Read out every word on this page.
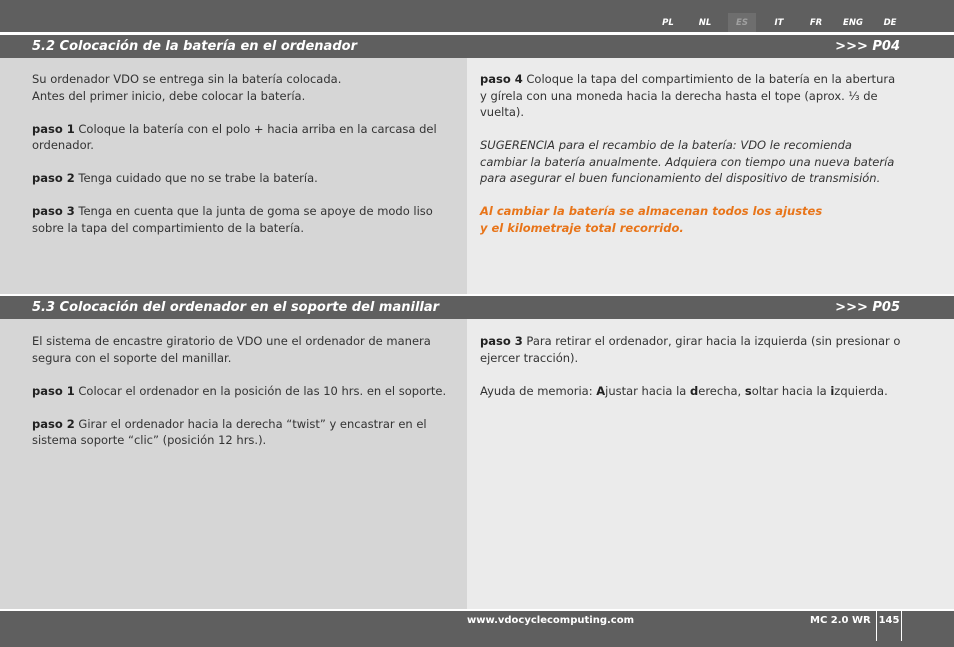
PL	NL	ES	IT	FR	ENG	DE
5.2 Colocación de la batería en el ordenador	>>> P04

Su ordenador VDO se entrega sin la batería colocada.
Antes del primer inicio, debe colocar la batería.

paso 1 Coloque la batería con el polo + hacia arriba en la carcasa del ordenador.

paso 2 Tenga cuidado que no se trabe la batería.

paso 3 Tenga en cuenta que la junta de goma se apoye de modo liso sobre la tapa del compartimiento de la batería.

paso 4 Coloque la tapa del compartimiento de la batería en la abertura y gírela con una moneda hacia la derecha hasta el tope (aprox. ⅓ de vuelta).

SUGERENCIA para el recambio de la batería: VDO le recomienda cambiar la batería anualmente. Adquiera con tiempo una nueva batería para asegurar el buen funcionamiento del dispositivo de transmisión.

Al cambiar la batería se almacenan todos los ajustes
y el kilometraje total recorrido.

5.3 Colocación del ordenador en el soporte del manillar	>>> P05

El sistema de encastre giratorio de VDO une el ordenador de manera segura con el soporte del manillar.

paso 1 Colocar el ordenador en la posición de las 10 hrs. en el soporte.

paso 2 Girar el ordenador hacia la derecha “twist” y encastrar en el sistema soporte “clic” (posición 12 hrs.).

paso 3 Para retirar el ordenador, girar hacia la izquierda (sin presionar o ejercer tracción).

Ayuda de memoria: Ajustar hacia la derecha, soltar hacia la izquierda.

www.vdocyclecomputing.com	MC 2.0 WR 145
